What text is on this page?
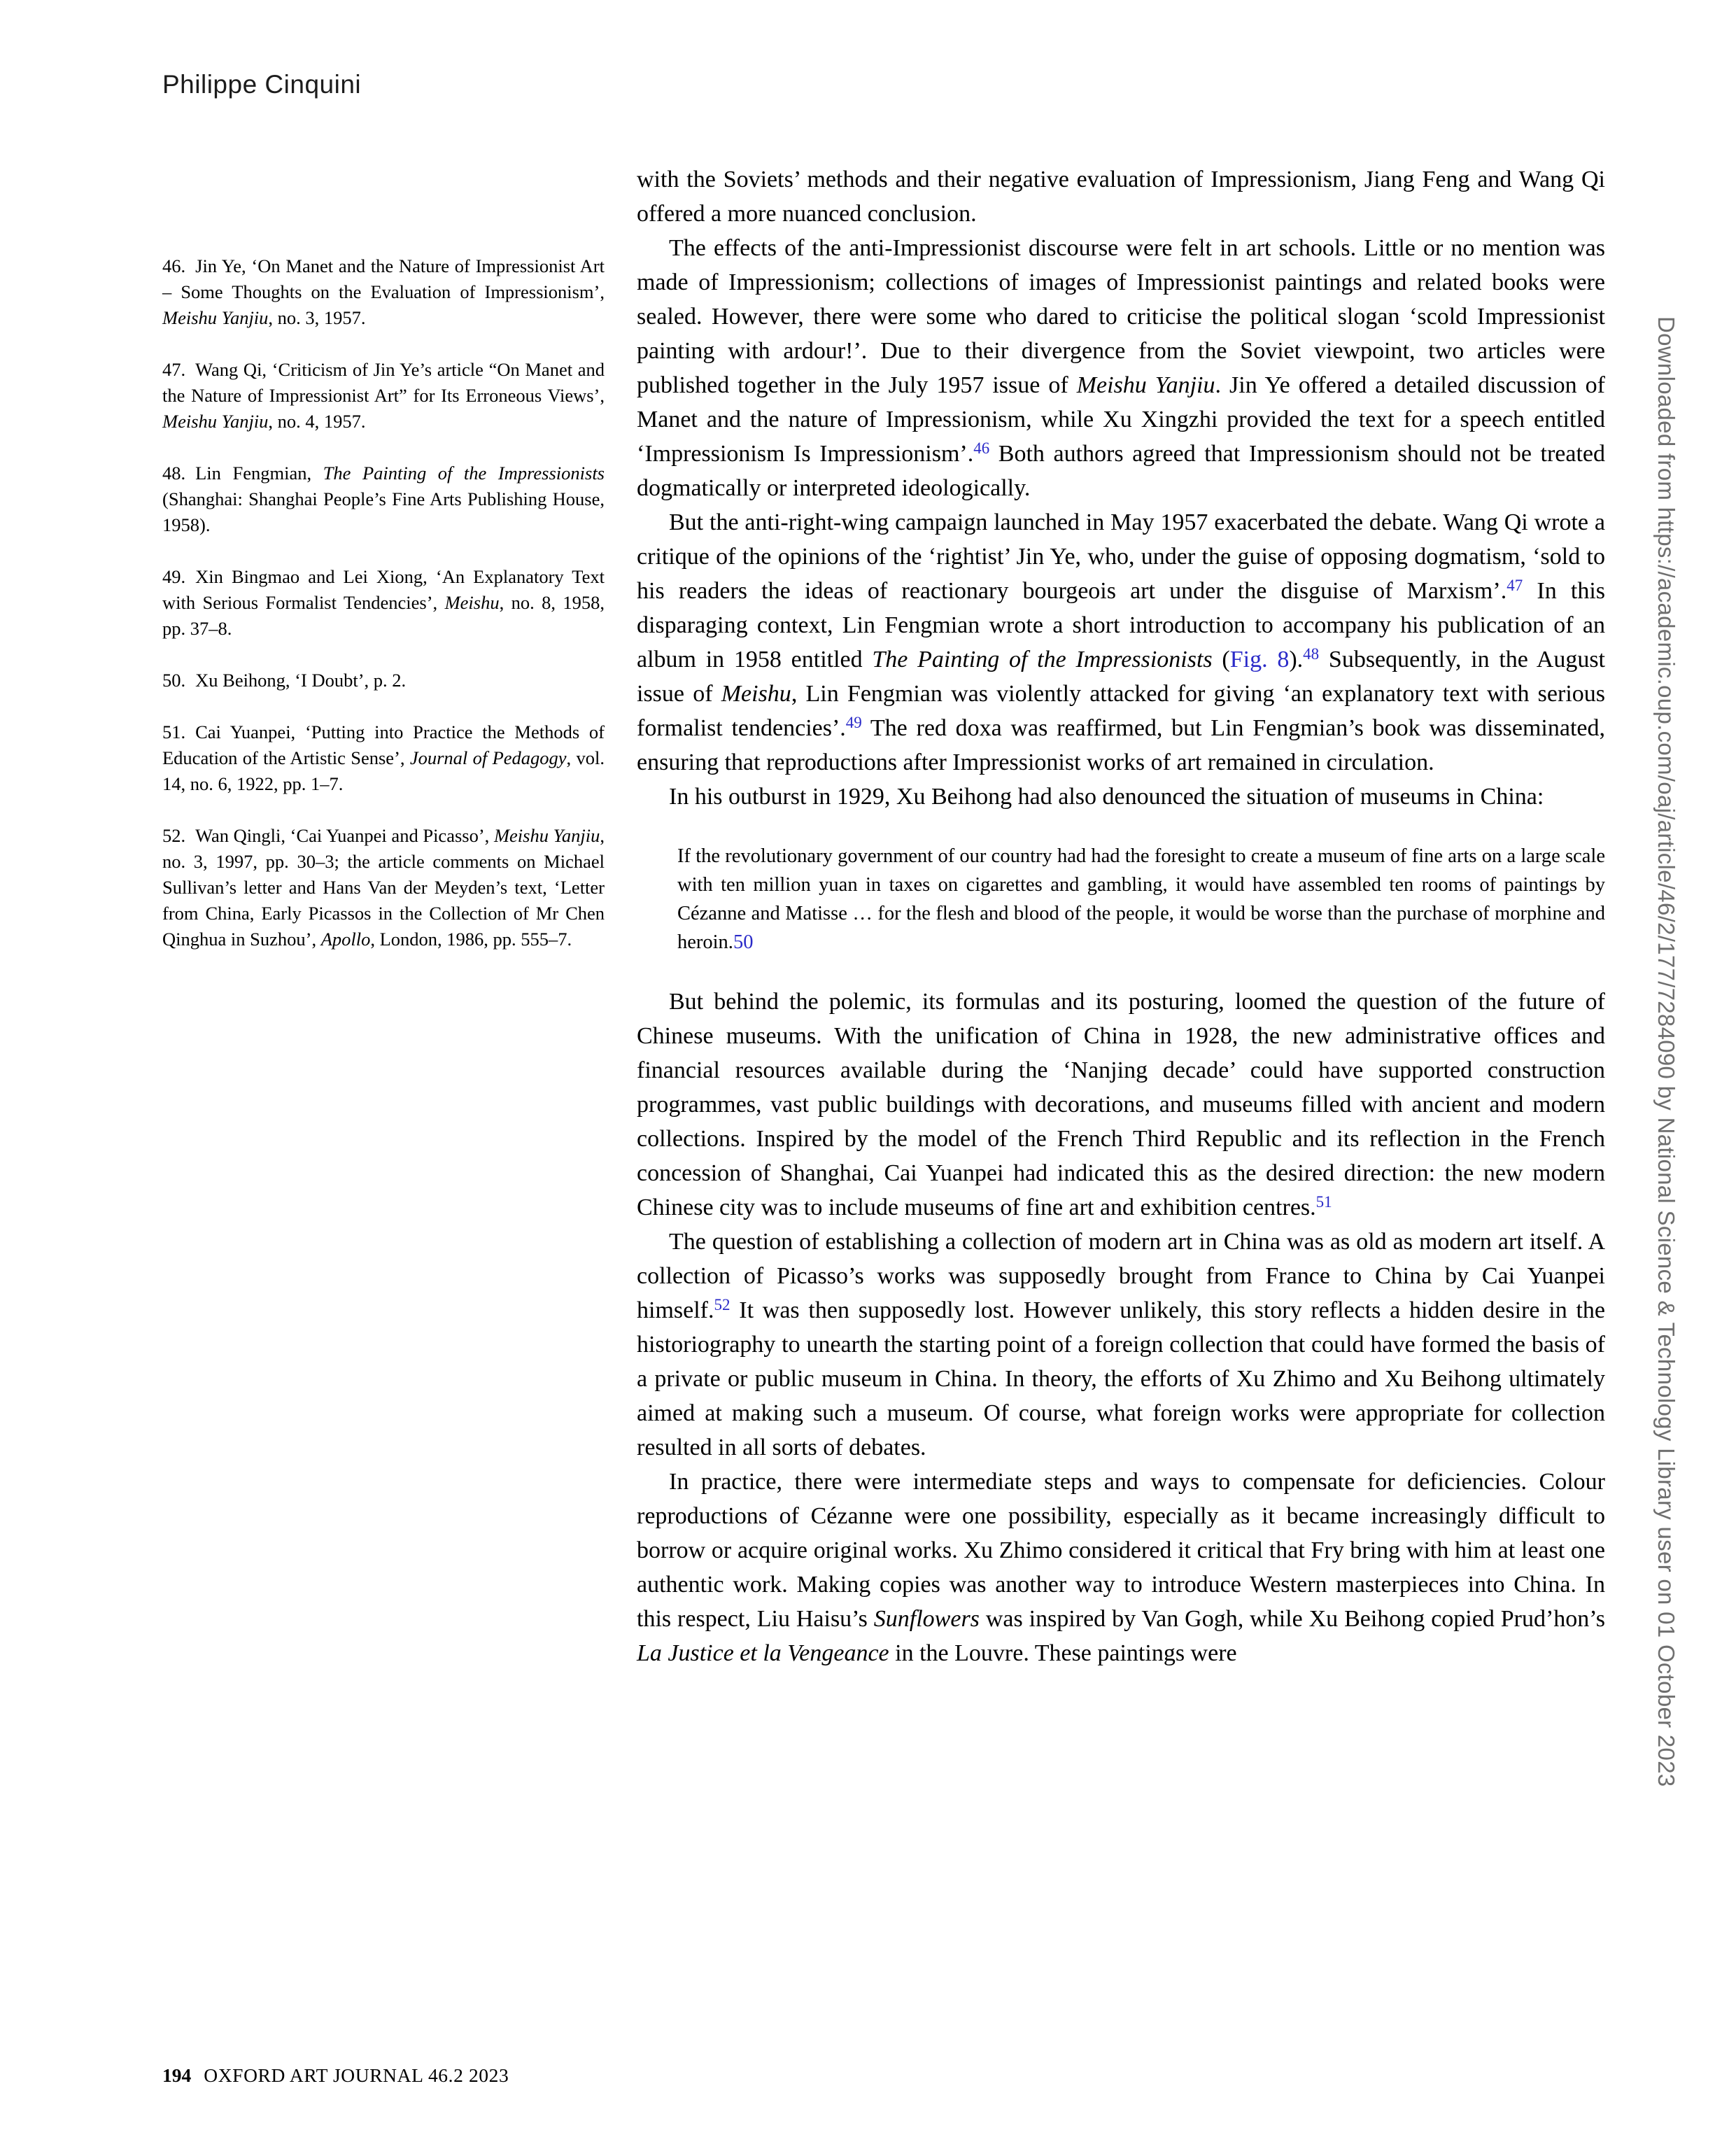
Philippe Cinquini
46. Jin Ye, ‘On Manet and the Nature of Impressionist Art – Some Thoughts on the Evaluation of Impressionism’, Meishu Yanjiu, no. 3, 1957.
47. Wang Qi, ‘Criticism of Jin Ye’s article “On Manet and the Nature of Impressionist Art” for Its Erroneous Views’, Meishu Yanjiu, no. 4, 1957.
48. Lin Fengmian, The Painting of the Impressionists (Shanghai: Shanghai People’s Fine Arts Publishing House, 1958).
49. Xin Bingmao and Lei Xiong, ‘An Explanatory Text with Serious Formalist Tendencies’, Meishu, no. 8, 1958, pp. 37–8.
50. Xu Beihong, ‘I Doubt’, p. 2.
51. Cai Yuanpei, ‘Putting into Practice the Methods of Education of the Artistic Sense’, Journal of Pedagogy, vol. 14, no. 6, 1922, pp. 1–7.
52. Wan Qingli, ‘Cai Yuanpei and Picasso’, Meishu Yanjiu, no. 3, 1997, pp. 30–3; the article comments on Michael Sullivan’s letter and Hans Van der Meyden’s text, ‘Letter from China, Early Picassos in the Collection of Mr Chen Qinghua in Suzhou’, Apollo, London, 1986, pp. 555–7.

with the Soviets’ methods and their negative evaluation of Impressionism, Jiang Feng and Wang Qi offered a more nuanced conclusion.

The effects of the anti-Impressionist discourse were felt in art schools. Little or no mention was made of Impressionism; collections of images of Impressionist paintings and related books were sealed. However, there were some who dared to criticise the political slogan ‘scold Impressionist painting with ardour!’. Due to their divergence from the Soviet viewpoint, two articles were published together in the July 1957 issue of Meishu Yanjiu. Jin Ye offered a detailed discussion of Manet and the nature of Impressionism, while Xu Xingzhi provided the text for a speech entitled ‘Impressionism Is Impressionism’.$^{46}$ Both authors agreed that Impressionism should not be treated dogmatically or interpreted ideologically.

But the anti-right-wing campaign launched in May 1957 exacerbated the debate. Wang Qi wrote a critique of the opinions of the ‘rightist’ Jin Ye, who, under the guise of opposing dogmatism, ‘sold to his readers the ideas of reactionary bourgeois art under the disguise of Marxism’.$^{47}$ In this disparaging context, Lin Fengmian wrote a short introduction to accompany his publication of an album in 1958 entitled The Painting of the Impressionists (Fig. 8).$^{48}$ Subsequently, in the August issue of Meishu, Lin Fengmian was violently attacked for giving ‘an explanatory text with serious formalist tendencies’.$^{49}$ The red doxa was reaffirmed, but Lin Fengmian’s book was disseminated, ensuring that reproductions after Impressionist works of art remained in circulation.

In his outburst in 1929, Xu Beihong had also denounced the situation of museums in China:

If the revolutionary government of our country had had the foresight to create a museum of fine arts on a large scale with ten million yuan in taxes on cigarettes and gambling, it would have assembled ten rooms of paintings by Cézanne and Matisse … for the flesh and blood of the people, it would be worse than the purchase of morphine and heroin.50

But behind the polemic, its formulas and its posturing, loomed the question of the future of Chinese museums. With the unification of China in 1928, the new administrative offices and financial resources available during the ‘Nanjing decade’ could have supported construction programmes, vast public buildings with decorations, and museums filled with ancient and modern collections. Inspired by the model of the French Third Republic and its reflection in the French concession of Shanghai, Cai Yuanpei had indicated this as the desired direction: the new modern Chinese city was to include museums of fine art and exhibition centres.$^{51}$

The question of establishing a collection of modern art in China was as old as modern art itself. A collection of Picasso’s works was supposedly brought from France to China by Cai Yuanpei himself.$^{52}$ It was then supposedly lost. However unlikely, this story reflects a hidden desire in the historiography to unearth the starting point of a foreign collection that could have formed the basis of a private or public museum in China. In theory, the efforts of Xu Zhimo and Xu Beihong ultimately aimed at making such a museum. Of course, what foreign works were appropriate for collection resulted in all sorts of debates.

In practice, there were intermediate steps and ways to compensate for deficiencies. Colour reproductions of Cézanne were one possibility, especially as it became increasingly difficult to borrow or acquire original works. Xu Zhimo considered it critical that Fry bring with him at least one authentic work. Making copies was another way to introduce Western masterpieces into China. In this respect, Liu Haisu’s Sunflowers was inspired by Van Gogh, while Xu Beihong copied Prud’hon’s La Justice et la Vengeance in the Louvre. These paintings were

194 OXFORD ART JOURNAL 46.2 2023
Downloaded from https://academic.oup.com/oaj/article/46/2/177/7284090 by National Science & Technology Library user on 01 October 2023
